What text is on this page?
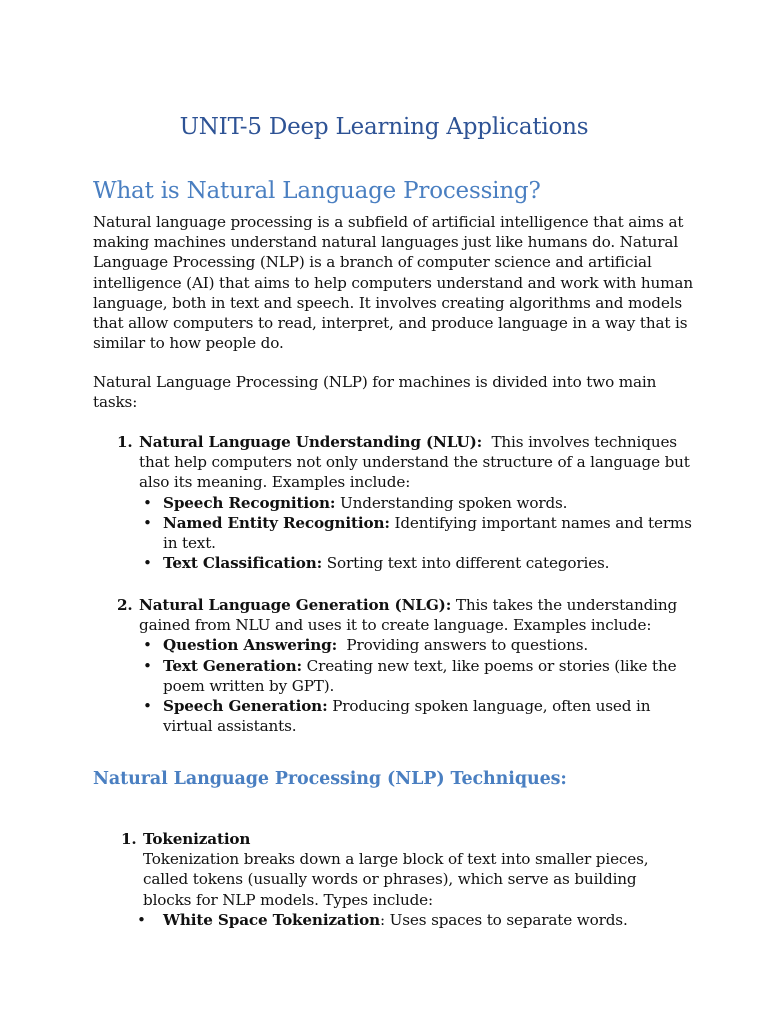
UNIT-5 Deep Learning Applications
What is Natural Language Processing?

Natural language processing is a subfield of artificial intelligence that aims at making machines understand natural languages just like humans do. Natural Language Processing (NLP) is a branch of computer science and artificial intelligence (AI) that aims to help computers understand and work with human language, both in text and speech. It involves creating algorithms and models that allow computers to read, interpret, and produce language in a way that is similar to how people do.

Natural Language Processing (NLP) for machines is divided into two main tasks:

1. Natural Language Understanding (NLU): This involves techniques that help computers not only understand the structure of a language but also its meaning. Examples include:
• Speech Recognition: Understanding spoken words.
• Named Entity Recognition: Identifying important names and terms in text.
• Text Classification: Sorting text into different categories.
2. Natural Language Generation (NLG): This takes the understanding gained from NLU and uses it to create language. Examples include:
• Question Answering: Providing answers to questions.
• Text Generation: Creating new text, like poems or stories (like the poem written by GPT).
• Speech Generation: Producing spoken language, often used in virtual assistants.
Natural Language Processing (NLP) Techniques:
1. Tokenization
Tokenization breaks down a large block of text into smaller pieces, called tokens (usually words or phrases), which serve as building blocks for NLP models. Types include:
• White Space Tokenization: Uses spaces to separate words.
